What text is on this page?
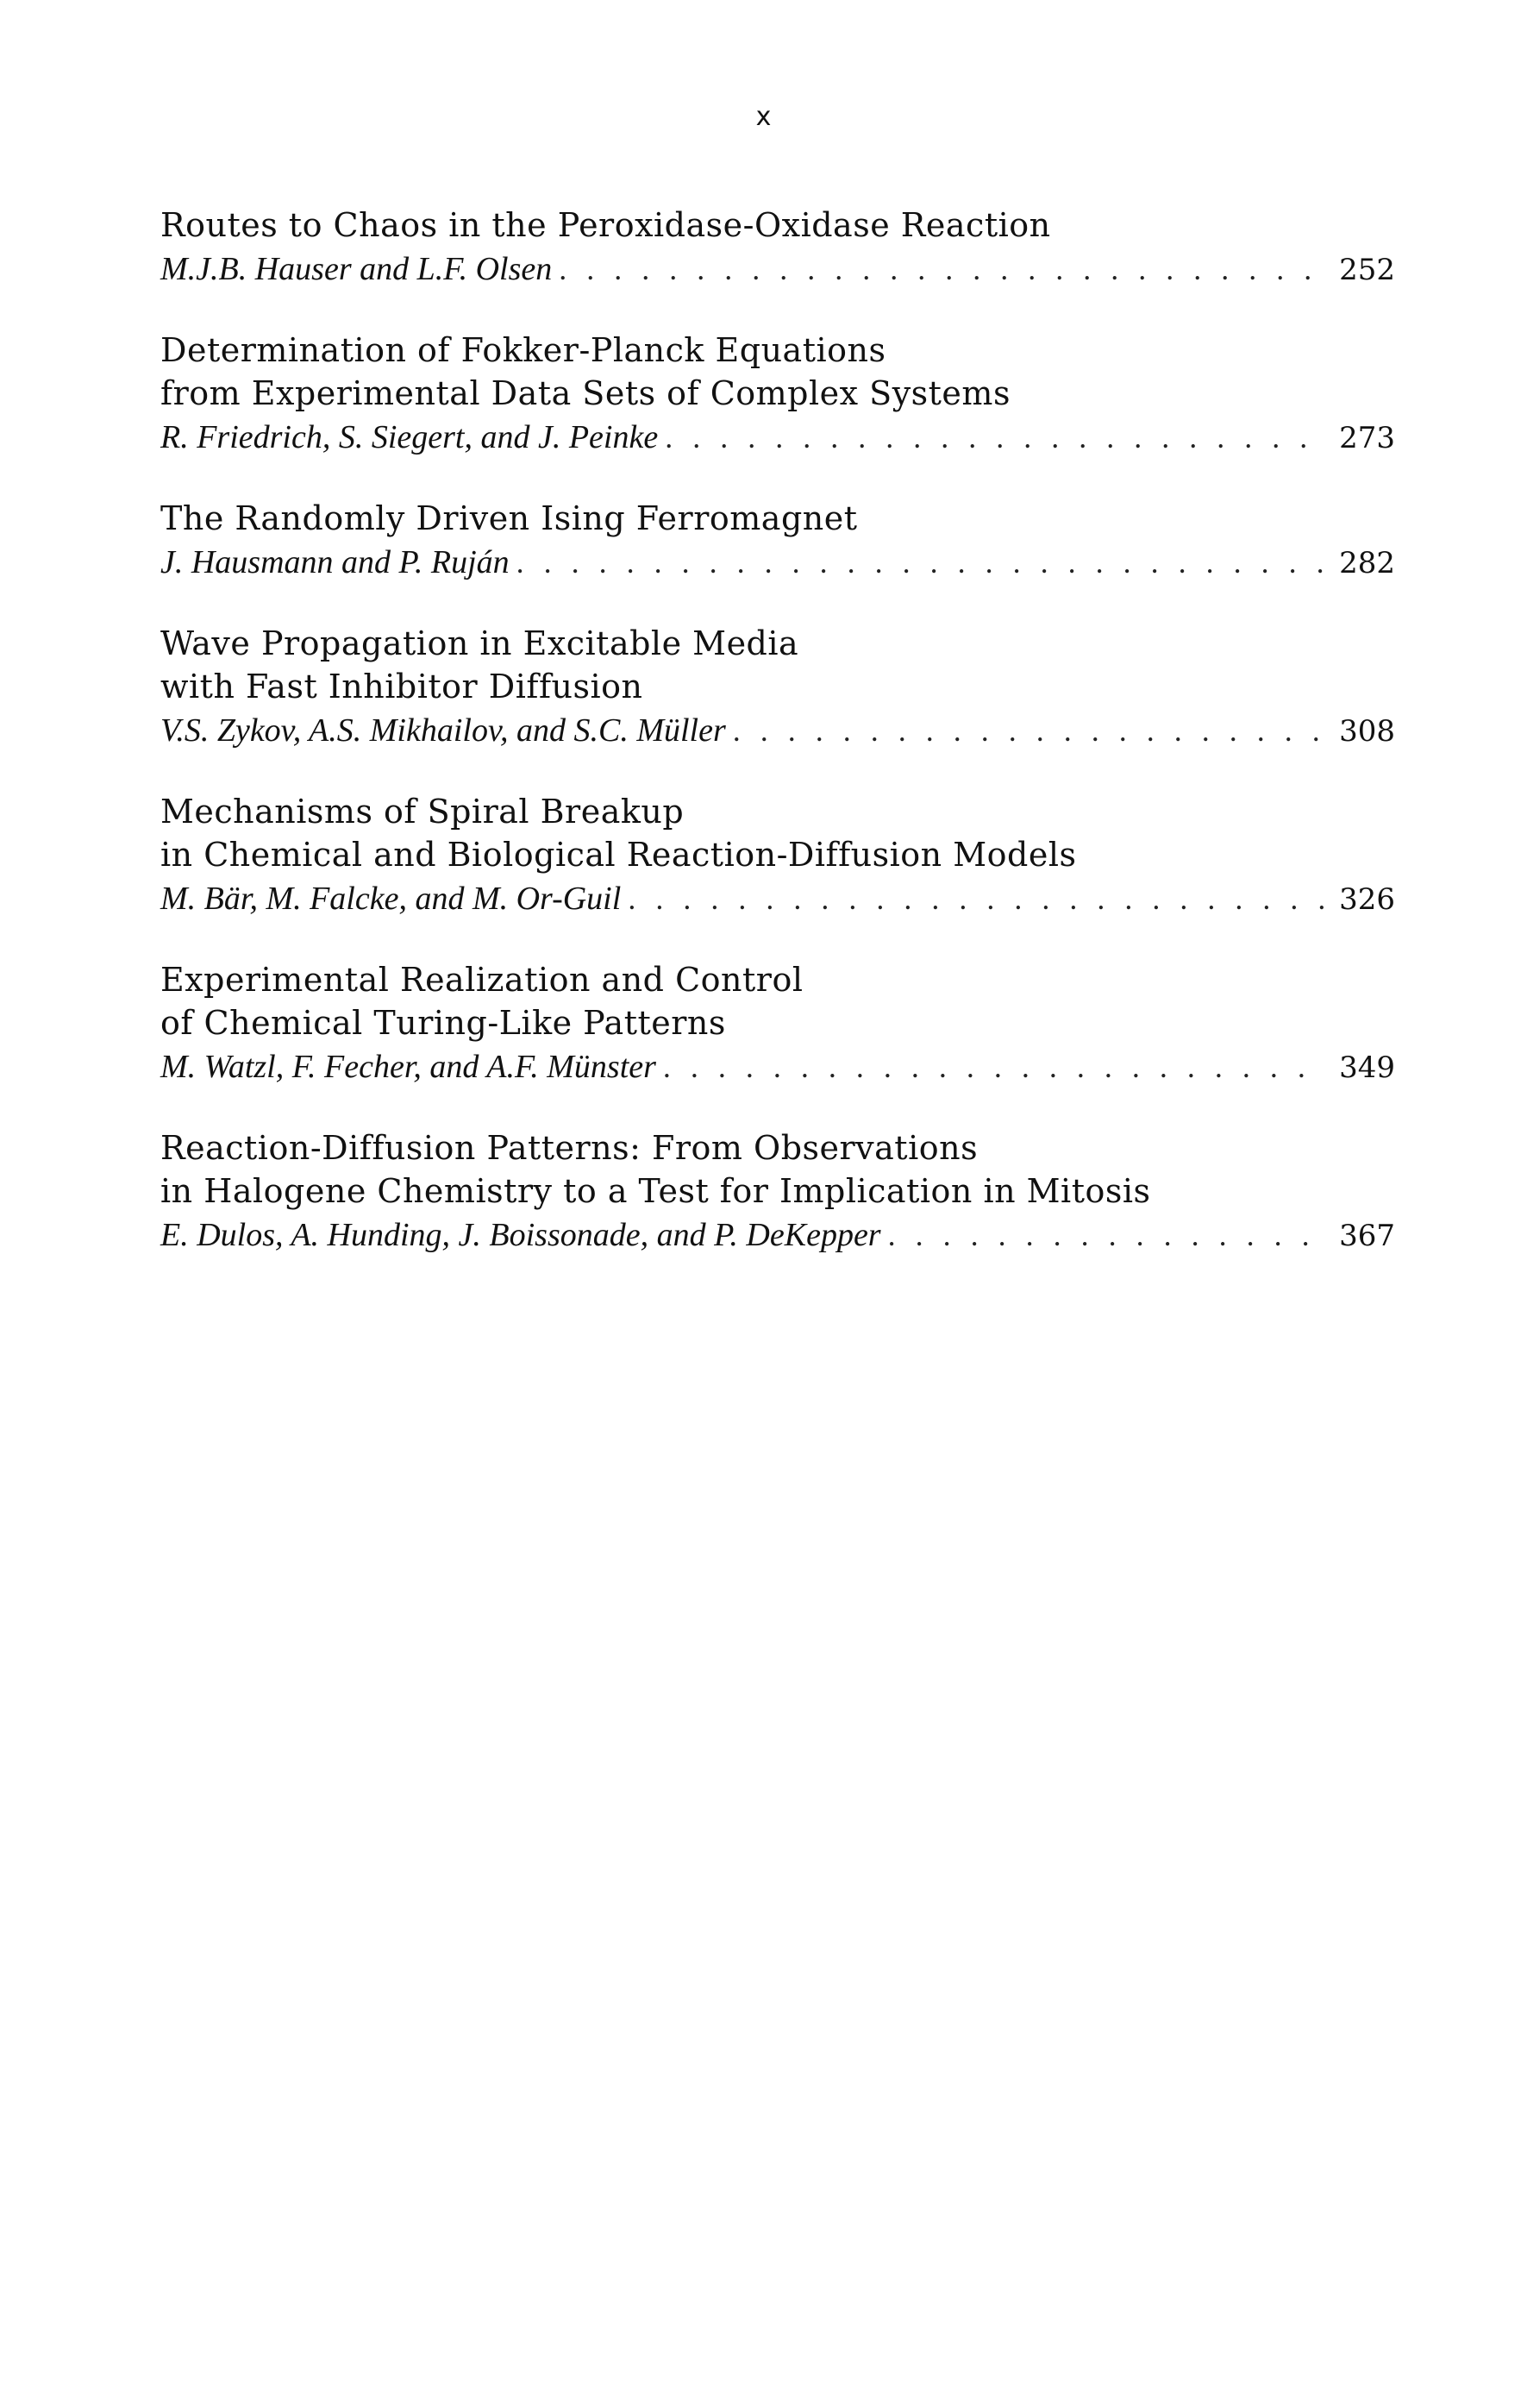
x
Routes to Chaos in the Peroxidase-Oxidase Reaction
M.J.B. Hauser and L.F. Olsen . . .	252
Determination of Fokker-Planck Equations
from Experimental Data Sets of Complex Systems
R. Friedrich, S. Siegert, and J. Peinke . . .	273
The Randomly Driven Ising Ferromagnet
J. Hausmann and P. Ruján . . .	282
Wave Propagation in Excitable Media
with Fast Inhibitor Diffusion
V.S. Zykov, A.S. Mikhailov, and S.C. Müller . . .	308
Mechanisms of Spiral Breakup
in Chemical and Biological Reaction-Diffusion Models
M. Bär, M. Falcke, and M. Or-Guil . . .	326
Experimental Realization and Control
of Chemical Turing-Like Patterns
M. Watzl, F. Fecher, and A.F. Münster . . .	349
Reaction-Diffusion Patterns: From Observations
in Halogene Chemistry to a Test for Implication in Mitosis
E. Dulos, A. Hunding, J. Boissonade, and P. DeKepper . . .	367
